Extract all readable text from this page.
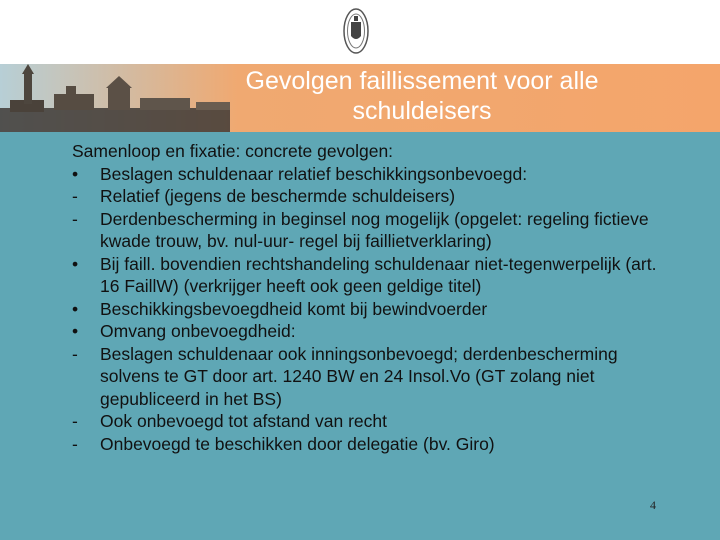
Gevolgen faillissement voor alle schuldeisers
Samenloop en fixatie: concrete gevolgen:
•	Beslagen schuldenaar relatief beschikkingsonbevoegd:
-	Relatief (jegens de beschermde schuldeisers)
-	Derdenbescherming in beginsel nog mogelijk (opgelet: regeling fictieve kwade trouw, bv. nul-uur- regel bij faillietverklaring)
•	Bij faill. bovendien rechtshandeling schuldenaar niet-tegenwerpelijk (art. 16 FaillW) (verkrijger heeft ook geen geldige titel)
•	Beschikkingsbevoegdheid komt bij bewindvoerder
•	Omvang onbevoegdheid:
-	Beslagen schuldenaar ook inningsonbevoegd; derdenbescherming solvens te GT door art. 1240 BW en 24 Insol.Vo (GT zolang niet gepubliceerd in het BS)
-	Ook onbevoegd tot afstand van recht
-	Onbevoegd te beschikken door delegatie (bv. Giro)
4
